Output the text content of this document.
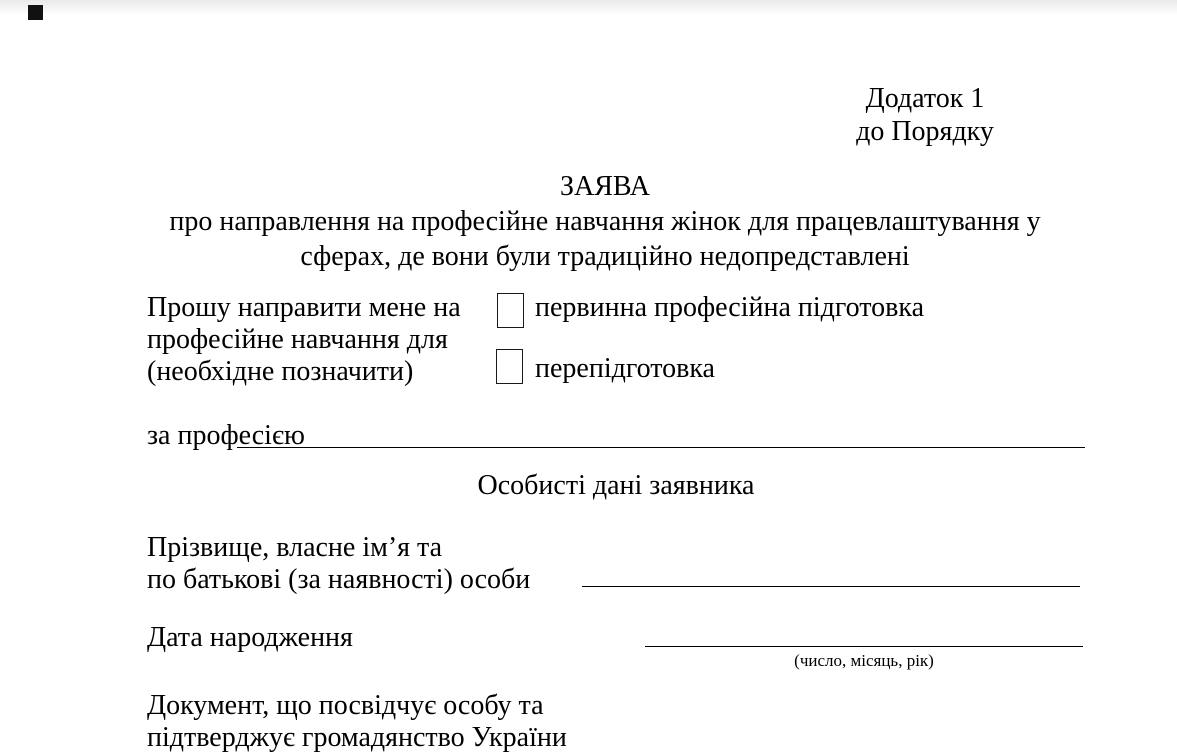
Додаток 1
до Порядку
ЗАЯВА
про направлення на професійне навчання жінок для працевлаштування у
сферах, де вони були традиційно недопредставлені
Прошу направити мене на
професійне навчання для
(необхідне позначити)
первинна професійна підготовка
перепідготовка
за професією
Особисті дані заявника
Прізвище, власне ім’я та
по батькові (за наявності) особи
Дата народження
(число, місяць, рік)
Документ, що посвідчує особу та
підтверджує громадянство України
